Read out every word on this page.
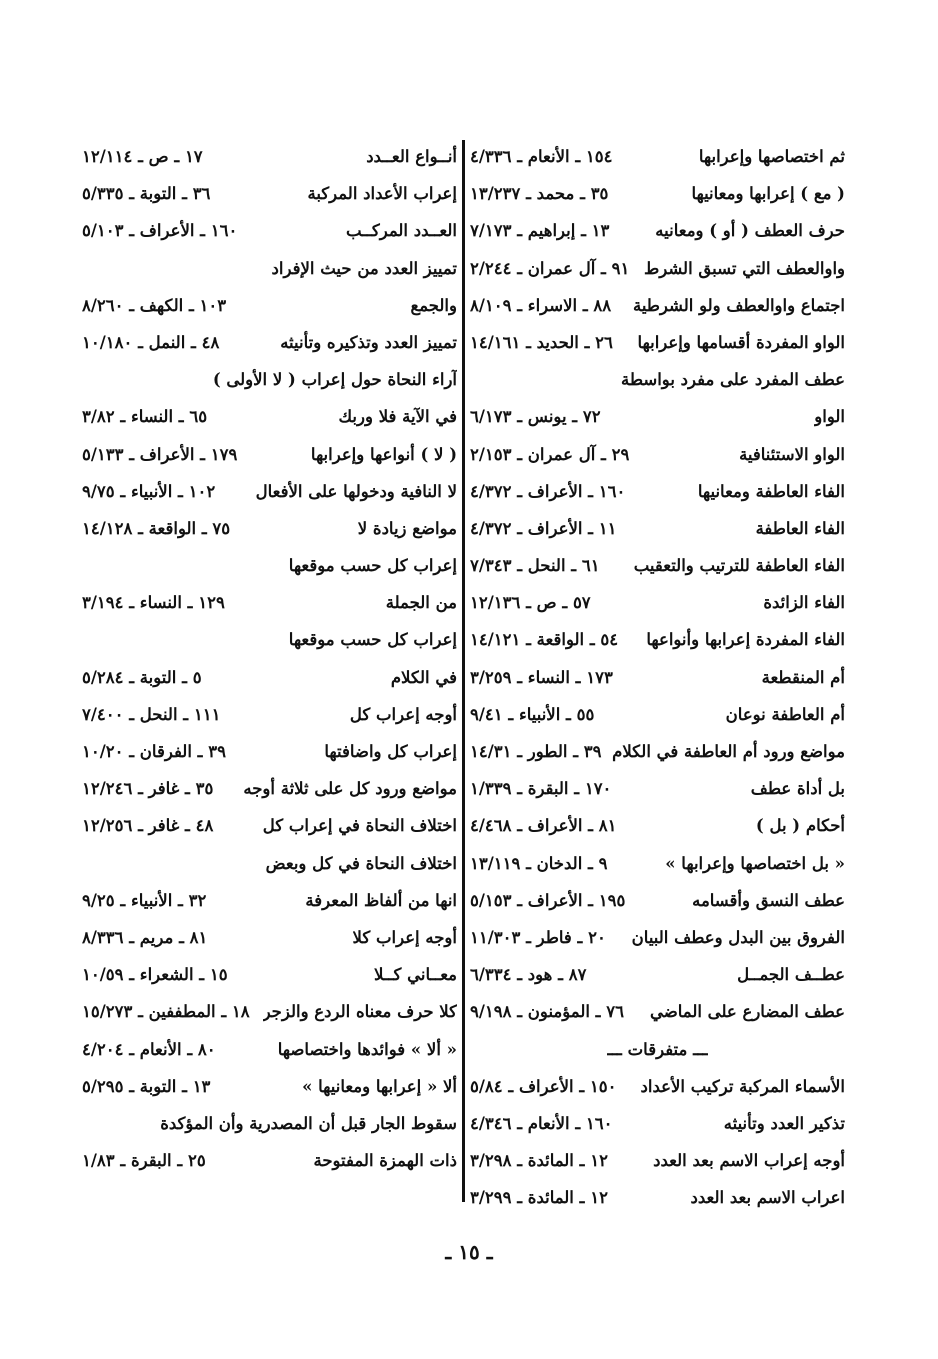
ثم اختصاصها وإعرابها
١٥٤ ـ الأنعام ـ ٤/٣٣٦
( مع ) إعرابها ومعانيها
٣٥ ـ محمد ـ ١٣/٢٣٧
حرف العطف ( أو ) ومعانيه
١٣ ـ إبراهيم ـ ٧/١٧٣
واوالعطف التي تسبق الشرط
٩١ ـ آل عمران ـ ٢/٢٤٤
اجتماع واوالعطف ولو الشرطية
٨٨ ـ الاسراء ـ ٨/١٠٩
الواو المفردة أقسامها وإعرابها
٢٦ ـ الحديد ـ ١٤/١٦١
عطف المفرد على مفرد بواسطة
الواو
٧٢ ـ يونس ـ ٦/١٧٣
الواو الاستئنافية
٢٩ ـ آل عمران ـ ٢/١٥٣
الفاء العاطفة ومعانيها
١٦٠ ـ الأعراف ـ ٤/٣٧٢
الفاء العاطفة
١١ ـ الأعراف ـ ٤/٣٧٢
الفاء العاطفة للترتيب والتعقيب
٦١ ـ النحل ـ ٧/٣٤٣
الفاء الزائدة
٥٧ ـ ص ـ ١٢/١٣٦
الفاء المفردة إعرابها وأنواعها
٥٤ ـ الواقعة ـ ١٤/١٢١
أم المنقطعة
١٧٣ ـ النساء ـ ٣/٢٥٩
أم العاطفة نوعان
٥٥ ـ الأنبياء ـ ٩/٤١
مواضع ورود أم العاطفة في الكلام
٣٩ ـ الطور ـ ١٤/٣١
بل أداة عطف
١٧٠ ـ البقرة ـ ١/٣٣٩
أحكام ( بل )
٨١ ـ الأعراف ـ ٤/٤٦٨
« بل اختصاصها وإعرابها »
٩ ـ الدخان ـ ١٣/١١٩
عطف النسق وأقسامه
١٩٥ ـ الأعراف ـ ٥/١٥٣
الفروق بين البدل وعطف البيان
٢٠ ـ فاطر ـ ١١/٣٠٣
عطــف الجمــل
٨٧ ـ هود ـ ٦/٣٣٤
عطف المضارع على الماضي
٧٦ ـ المؤمنون ـ ٩/١٩٨
ـــ متفرقات ـــ
الأسماء المركبة تركيب الأعداد
١٥٠ ـ الأعراف ـ ٥/٨٤
تذكير العدد وتأنيثه
١٦٠ ـ الأنعام ـ ٤/٣٤٦
أوجه إعراب الاسم بعد العدد
١٢ ـ المائدة ـ ٣/٢٩٨
اعراب الاسم بعد العدد
١٢ ـ المائدة ـ ٣/٢٩٩
أنــواع العــدد
١٧ ـ ص ـ ١٢/١١٤
إعراب الأعداد المركبة
٣٦ ـ التوبة ـ ٥/٣٣٥
العــدد المركــب
١٦٠ ـ الأعراف ـ ٥/١٠٣
تمييز العدد من حيث الإفراد
والجمع
١٠٣ ـ الكهف ـ ٨/٢٦٠
تمييز العدد وتذكيره وتأنيثه
٤٨ ـ النمل ـ ١٠/١٨٠
آراء النحاة حول إعراب ( لا الأولى )
في الآية فلا وربك
٦٥ ـ النساء ـ ٣/٨٢
( لا ) أنواعها وإعرابها
١٧٩ ـ الأعراف ـ ٥/١٣٣
لا النافية ودخولها على الأفعال
١٠٢ ـ الأنبياء ـ ٩/٧٥
مواضع زيادة لا
٧٥ ـ الواقعة ـ ١٤/١٢٨
إعراب كل حسب موقعها
من الجملة
١٢٩ ـ النساء ـ ٣/١٩٤
إعراب كل حسب موقعها
في الكلام
٥ ـ التوبة ـ ٥/٢٨٤
أوجه إعراب كل
١١١ ـ النحل ـ ٧/٤٠٠
إعراب كل واضافتها
٣٩ ـ الفرقان ـ ١٠/٢٠
مواضع ورود كل على ثلاثة أوجه
٣٥ ـ غافر ـ ١٢/٢٤٦
اختلاف النحاة في إعراب كل
٤٨ ـ غافر ـ ١٢/٢٥٦
اختلاف النحاة في كل وبعض
انها من ألفاظ المعرفة
٣٢ ـ الأنبياء ـ ٩/٢٥
أوجه إعراب كلا
٨١ ـ مريم ـ ٨/٣٣٦
معــاني كــلا
١٥ ـ الشعراء ـ ١٠/٥٩
كلا حرف معناه الردع والزجر
١٨ ـ المطففين ـ ١٥/٢٧٣
« ألا » فوائدها واختصاصها
٨٠ ـ الأنعام ـ ٤/٢٠٤
ألا « إعرابها ومعانيها »
١٣ ـ التوبة ـ ٥/٢٩٥
سقوط الجار قبل أن المصدرية وأن المؤكدة
ذات الهمزة المفتوحة
٢٥ ـ البقرة ـ ١/٨٣
ـ ١٥ ـ
